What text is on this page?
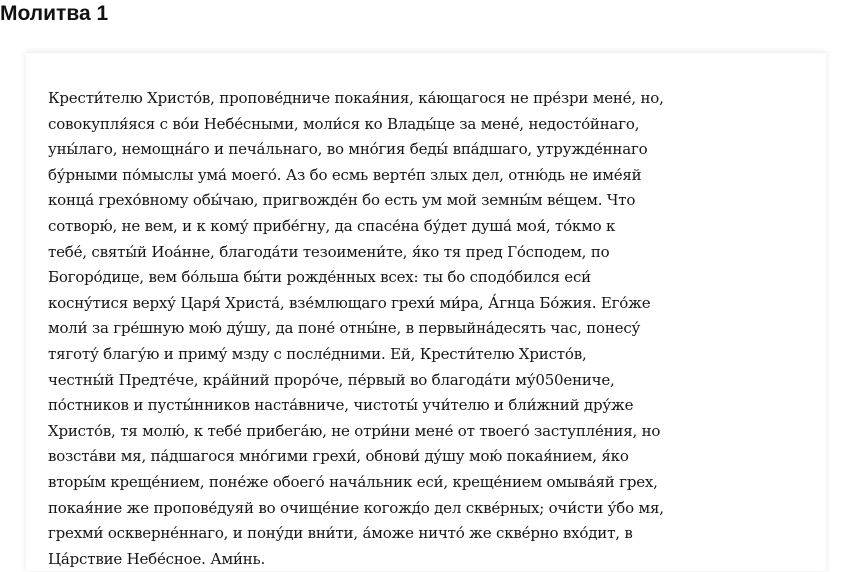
Молитва 1
Крести́телю Христо́в, пропове́дниче покая́ния, ка́ющагося не пре́зри мене́, но,
совокупля́яся с во́и Небе́сными, моли́ся ко Влады́це за мене́, недосто́йнаго,
уны́лаго, немощна́го и печа́льнаго, во мно́гия беды́ впа́дшаго, утружде́ннаго
бу́рными по́мыслы ума́ моего́. Аз бо есмь верте́п злых дел, отню́дь не име́яй
конца́ грехо́вному обы́чаю, пригвожде́н бо есть ум мой земны́м ве́щем. Что
сотворю́, не вем, и к кому́ прибе́гну, да спасе́на бу́дет душа́ моя́, то́кмо к
тебе́, святы́й Иоа́нне, благода́ти тезоимени́те, я́ко тя пред Го́сподем, по
Богоро́дице, вем бо́льша бы́ти рожде́нных всех: ты бо сподо́бился еси́
косну́тися верху́ Царя́ Христа́, взе́млющаго грехи́ ми́ра, А́гнца Бо́жия. Его́же
моли́ за гре́шную мою́ ду́шу, да поне́ отны́не, в первыйна́десять час, понесу́
тяготу́ благу́ю и приму́ мзду с после́дними. Ей, Крести́телю Христо́в,
честны́й Предте́че, кра́йний проро́че, пе́рвый во благода́ти му́050ениче,
по́стников и пусты́нников наста́вниче, чистоты́ учи́телю и бли́жний дру́же
Христо́в, тя молю́, к тебе́ прибега́ю, не отри́ни мене́ от твоего́ заступле́ния, но
возста́ви мя, па́дшагося мно́гими грехи́, обнови́ ду́шу мою́ покая́нием, я́ко
вторы́м креще́нием, поне́же обоего́ нача́льник еси́, креще́нием омыва́яй грех,
покая́ние же пропове́дуяй во очище́ние когожд́о дел скве́рных; очи́сти у́бо мя,
грехми́ оскверне́ннаго, и пону́ди вни́ти, а́може ничто́ же скве́рно вхо́дит, в
Ца́рствие Небе́сное. Ами́нь.
